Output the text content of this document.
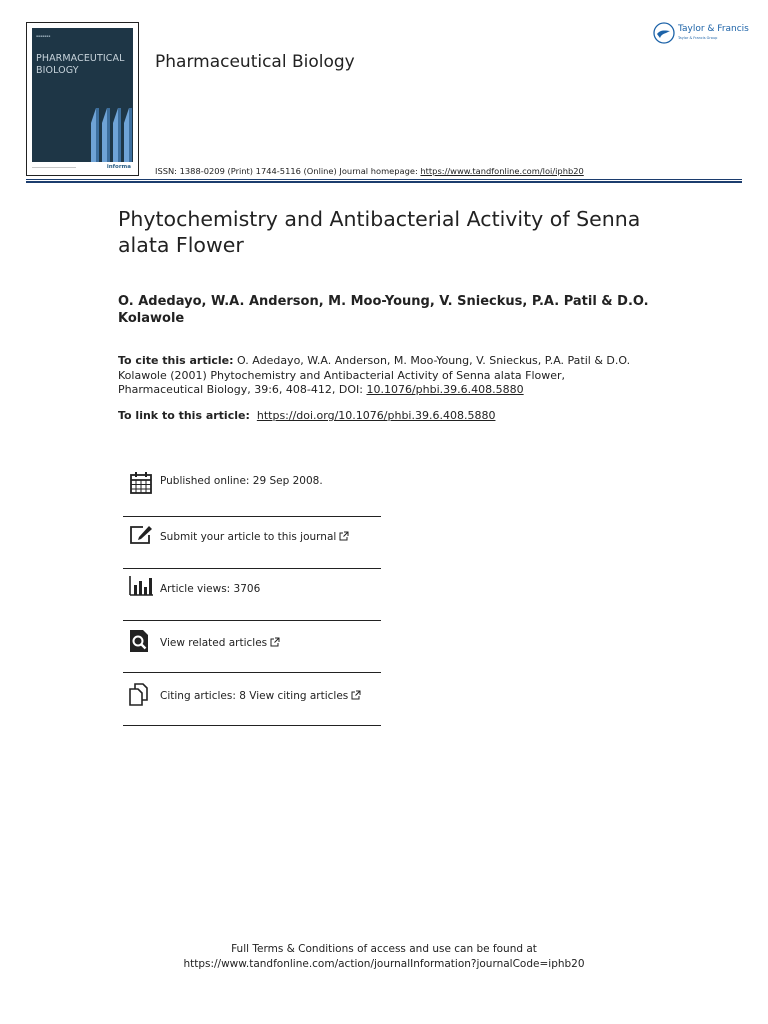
▪▪▪▪▪▪▪
PHARMACEUTICAL
BIOLOGY
informa
Pharmaceutical Biology
ISSN: 1388-0209 (Print) 1744-5116 (Online) Journal homepage: https://www.tandfonline.com/loi/iphb20
Taylor & Francis
Taylor & Francis Group
Phytochemistry and Antibacterial Activity of Senna alata Flower
O. Adedayo, W.A. Anderson, M. Moo-Young, V. Snieckus, P.A. Patil & D.O. Kolawole
To cite this article: O. Adedayo, W.A. Anderson, M. Moo-Young, V. Snieckus, P.A. Patil & D.O. Kolawole (2001) Phytochemistry and Antibacterial Activity of Senna alata Flower, Pharmaceutical Biology, 39:6, 408-412, DOI: 10.1076/phbi.39.6.408.5880
To link to this article: https://doi.org/10.1076/phbi.39.6.408.5880
Published online: 29 Sep 2008.
Submit your article to this journal
Article views: 3706
View related articles
Citing articles: 8 View citing articles
Full Terms & Conditions of access and use can be found at
https://www.tandfonline.com/action/journalInformation?journalCode=iphb20
